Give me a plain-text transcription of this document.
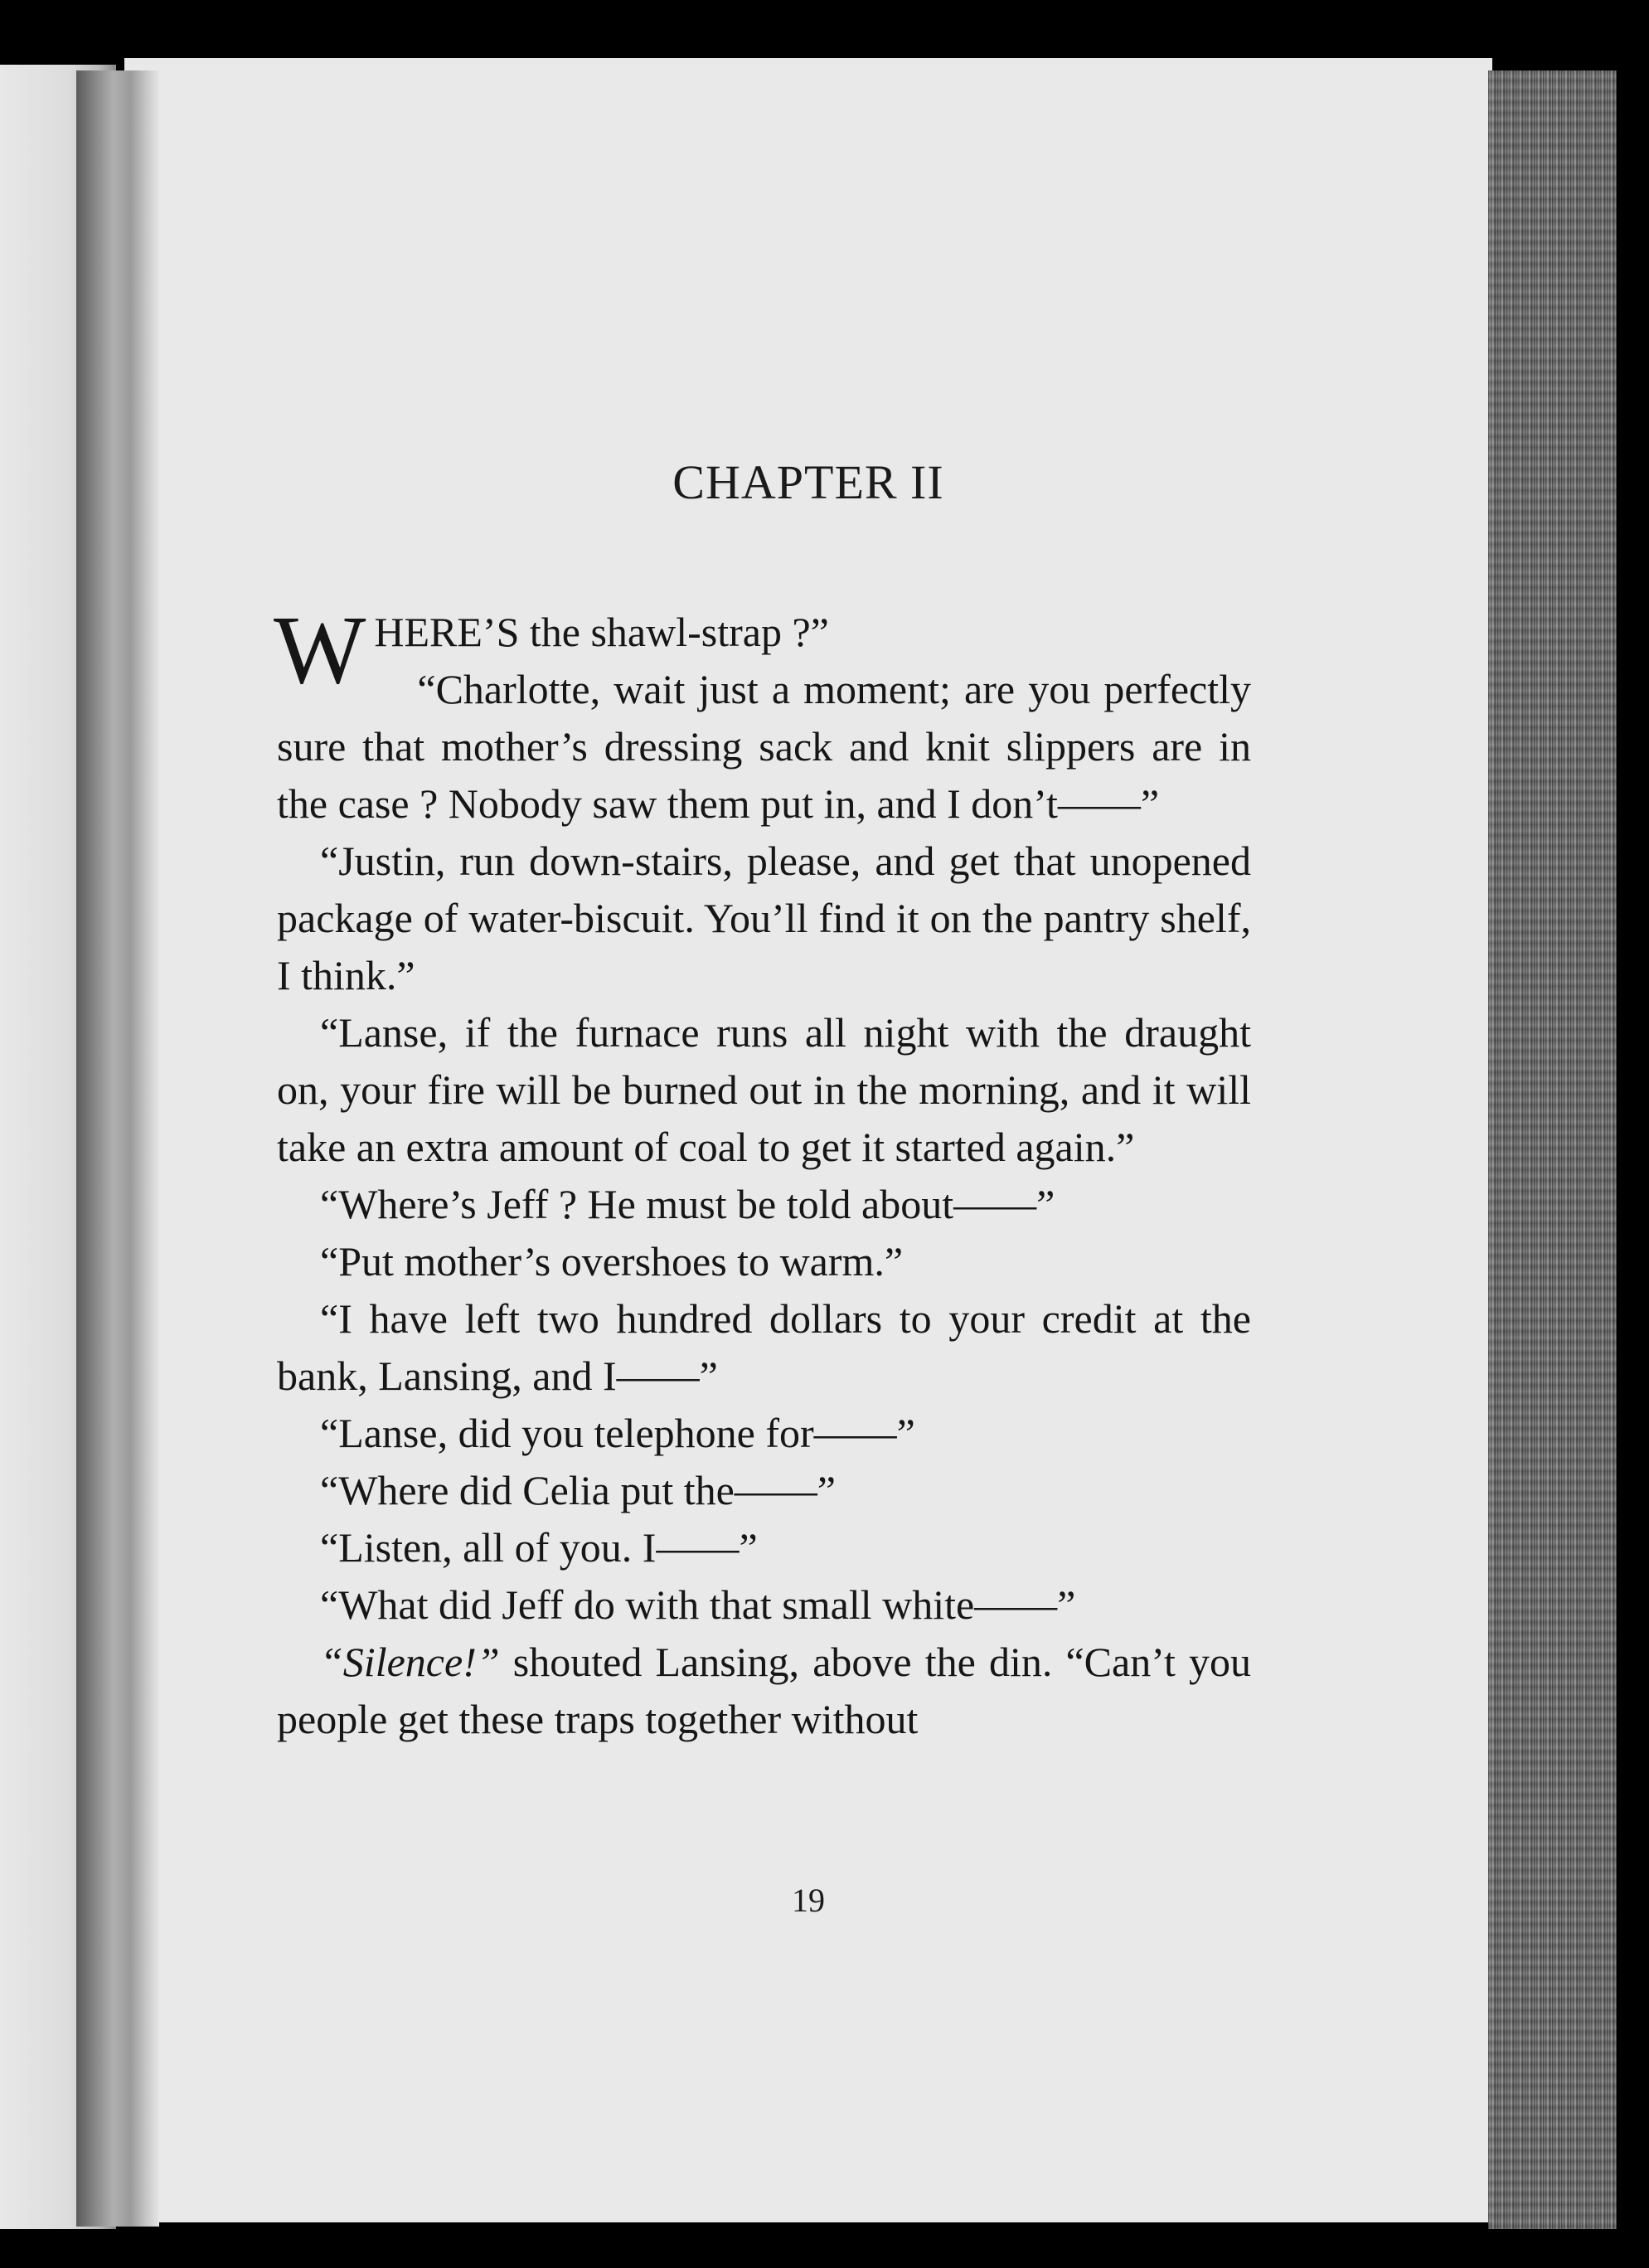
CHAPTER II

WHERE’S the shawl-strap ?”

“Charlotte, wait just a moment; are you perfectly sure that mother’s dressing sack and knit slippers are in the case ? Nobody saw them put in, and I don’t——”

“Justin, run down-stairs, please, and get that unopened package of water-biscuit. You’ll find it on the pantry shelf, I think.”

“Lanse, if the furnace runs all night with the draught on, your fire will be burned out in the morning, and it will take an extra amount of coal to get it started again.”

“Where’s Jeff ? He must be told about——”

“Put mother’s overshoes to warm.”

“I have left two hundred dollars to your credit at the bank, Lansing, and I——”

“Lanse, did you telephone for——”

“Where did Celia put the——”

“Listen, all of you. I——”

“What did Jeff do with that small white——”

“Silence!” shouted Lansing, above the din. “Can’t you people get these traps together without

19
